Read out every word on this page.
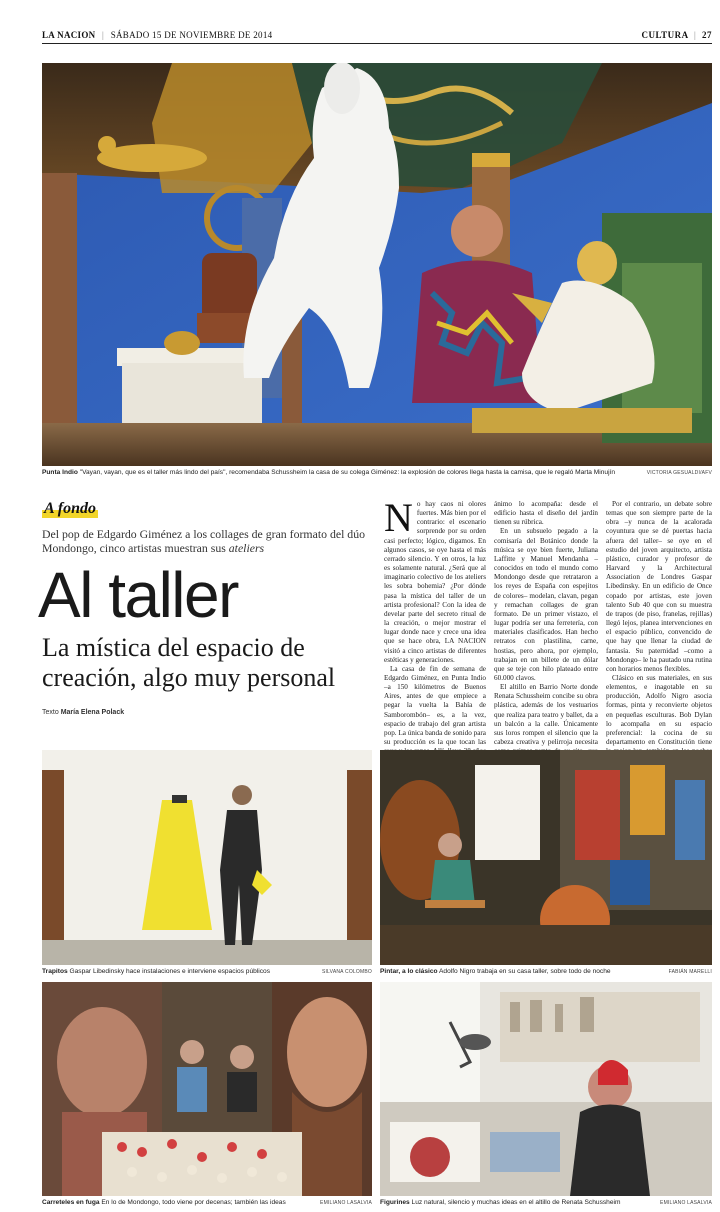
LA NACION | SÁBADO 15 DE NOVIEMBRE DE 2014	CULTURA | 27
Punta Indio "Vayan, vayan, que es el taller más lindo del país", recomendaba Schussheim la casa de su colega Giménez: la explosión de colores llega hasta la camisa, que le regaló Marta Minujín	VICTORIA GESUALDI/AFV
A fondo
Del pop de Edgardo Giménez a los collages de gran formato del dúo Mondongo, cinco artistas muestran sus ateliers
Al taller
La mística del espacio de creación, algo muy personal
Texto María Elena Polack
N o hay caos ni olores fuertes. Más bien por el contrario: el escenario sorprende por su orden casi perfecto; lógico, digamos. En algunos casos, se oye hasta el más cerrado silencio. Y en otros, la luz es solamente natural. ¿Será que al imaginario colectivo de los ateliers les sobra bohemia? ¿Por dónde pasa la mística del taller de un artista profesional? Con la idea de develar parte del secreto ritual de la creación, o mejor mostrar el lugar donde nace y crece una idea que se hace obra, LA NACION visitó a cinco artistas de diferentes estéticas y generaciones.

La casa de fin de semana de Edgardo Giménez, en Punta Indio –a 150 kilómetros de Buenos Aires, antes de que empiece a pegar la vuelta la Bahía de Samborombón– es, a la vez, espacio de trabajo del gran artista pop. La única banda de sonido para su producción es la que tocan las

ánimo lo acompaña: desde el edificio hasta el diseño del jardín tienen su rúbrica.

En un subsuelo pegado a la comisaría del Botánico donde la música se oye bien fuerte, Juliana Laffitte y Manuel Mendanha –conocidos en todo el mundo como Mondongo desde que retrataron a los reyes de España con espejitos de colores– modelan, clavan, pegan y remachan collages de gran formato. De un primer vistazo, el lugar podría ser una ferretería, con materiales clasificados. Han hecho retratos con plastilina, carne, hostias, pero ahora, por ejemplo, trabajan en un billete de un dólar que se teje con hilo plateado entre 60.000 clavos.

El altillo en Barrio Norte donde Renata Schussheim concibe su obra plástica, además de los vestuarios que realiza para teatro y ballet, da a un balcón a la calle. Únicamente sus loros rompen el silencio que la cabeza creativa y pelirroja necesita

Por el contrario, un debate sobre temas que son siempre parte de la obra –y nunca de la acalorada coyuntura que se dé puertas hacia afuera del taller– se oye en el estudio del joven arquitecto, artista plástico, curador y profesor de Harvard y la Architectural Association de Londres Gaspar Libedinsky. En un edificio de Once copado por artistas, este joven talento Sub 40 que con su muestra de trapos (de piso, franelas, rejillas) llegó lejos, planea intervenciones en el espacio público, convencido de que hay que llenar la ciudad de fantasía. Su paternidad –como a Mondongo– le ha pautado una rutina con horarios menos flexibles.

Clásico en sus materiales, en sus elementos, e inagotable en su producción, Adolfo Nigro asocia formas, pinta y reconvierte objetos en pequeñas esculturas. Bob Dylan lo acompaña en su espacio preferencial: la cocina de su departamento en Constitución tiene

Trapitos Gaspar Libedinsky hace instalaciones e interviene espacios públicos	SILVANA COLOMBO Pintar, a lo clásico Adolfo Nigro trabaja en su casa taller, sobre todo de noche	FABIÁN MARELLI
Carreteles en fuga En lo de Mondongo, todo viene por decenas; también las ideas	EMILIANO LASALVIA Figurines Luz natural, silencio y muchas ideas en el altillo de Renata Schussheim	EMILIANO LASALVIA
